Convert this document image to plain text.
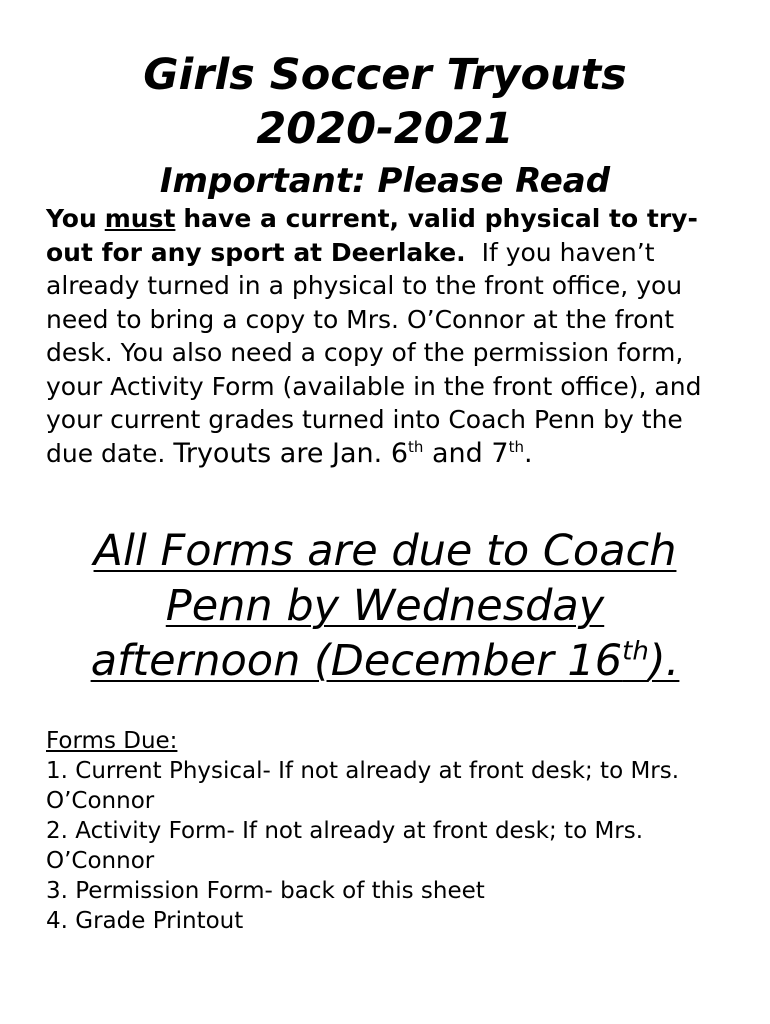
Girls Soccer Tryouts
2020-2021
Important: Please Read

You must have a current, valid physical to try-out for any sport at Deerlake. If you haven’t already turned in a physical to the front office, you need to bring a copy to Mrs. O’Connor at the front desk. You also need a copy of the permission form, your Activity Form (available in the front office), and your current grades turned into Coach Penn by the due date. Tryouts are Jan. 6th and 7th.

All Forms are due to Coach
Penn by Wednesday
afternoon (December 16th).
Forms Due:
1. Current Physical- If not already at front desk; to Mrs. O’Connor
2. Activity Form- If not already at front desk; to Mrs. O’Connor
3. Permission Form- back of this sheet
4. Grade Printout
